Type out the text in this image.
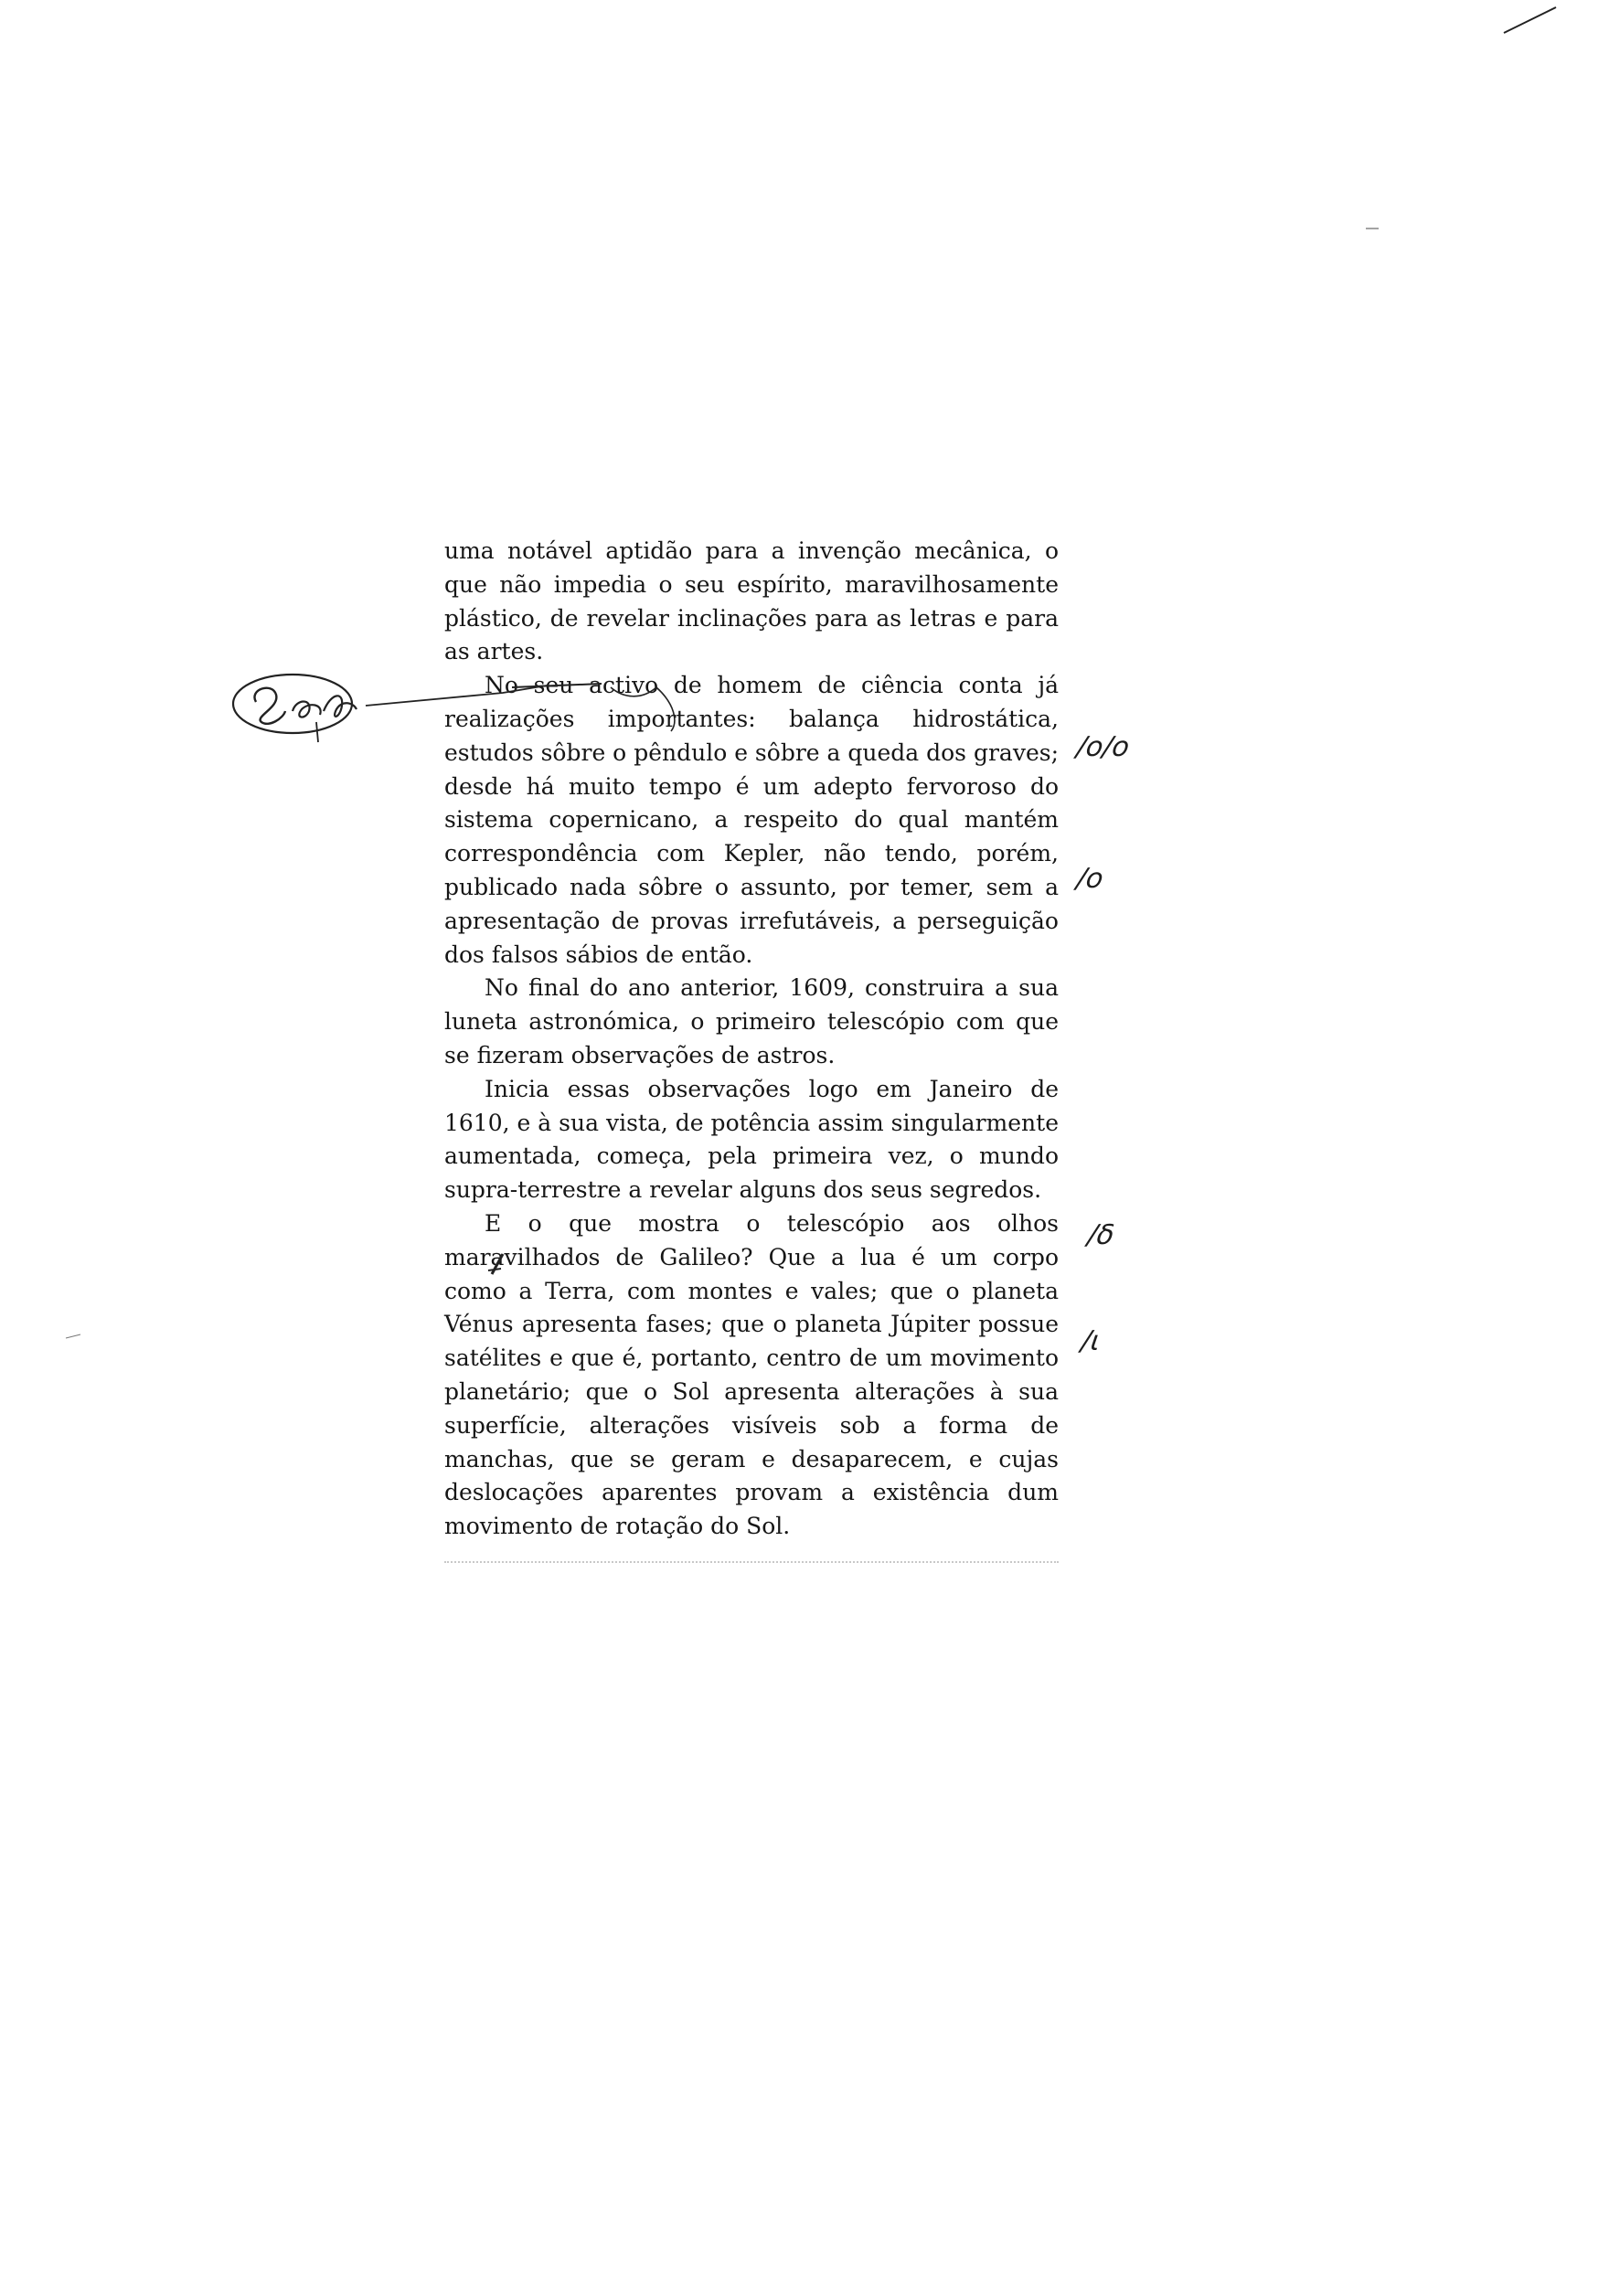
uma notável aptidão para a invenção mecânica, o que não impedia o seu espírito, maravilhosamente plástico, de revelar inclinações para as letras e para as artes.

No seu activo de homem de ciência conta já realizações importantes: balança hidrostática, estudos sôbre o pêndulo e sôbre a queda dos graves; desde há muito tempo é um adepto fervoroso do sistema copernicano, a respeito do qual mantém correspondência com Kepler, não tendo, porém, publicado nada sôbre o assunto, por temer, sem a apresentação de provas irrefutáveis, a perseguição dos falsos sábios de então.

No final do ano anterior, 1609, construira a sua luneta astronómica, o primeiro telescópio com que se fizeram observações de astros.

Inicia essas observações logo em Janeiro de 1610, e à sua vista, de potência assim singularmente aumentada, começa, pela primeira vez, o mundo supra-terrestre a revelar alguns dos seus segredos.

E o que mostra o telescópio aos olhos maravilhados de Galileo? Que a lua é um corpo como a Terra, com montes e vales; que o planeta Vénus apresenta fases; que o planeta Júpiter possue satélites e que é, portanto, centro de um movimento planetário; que o Sol apresenta alterações à sua superfície, alterações visíveis sob a forma de manchas, que se geram e desaparecem, e cujas deslocações aparentes provam a existência dum movimento de rotação do Sol.

/o/o
/o
/δ
/ι
